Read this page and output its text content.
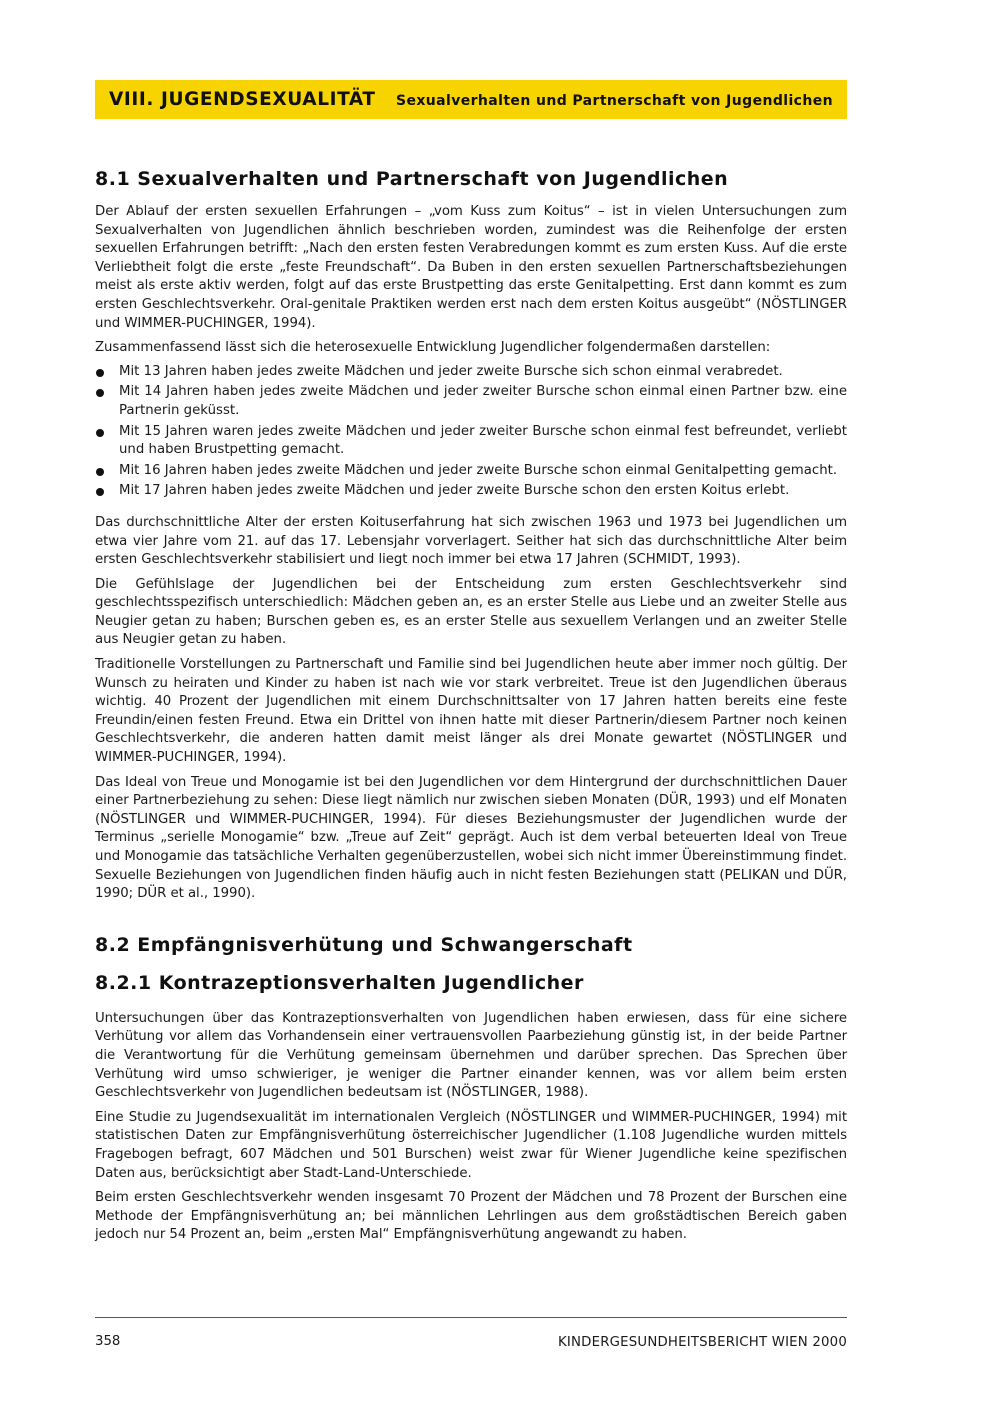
VIII. JUGENDSEXUALITÄT Sexualverhalten und Partnerschaft von Jugendlichen
8.1 Sexualverhalten und Partnerschaft von Jugendlichen

Der Ablauf der ersten sexuellen Erfahrungen – „vom Kuss zum Koitus“ – ist in vielen Untersuchungen zum Sexualverhalten von Jugendlichen ähnlich beschrieben worden, zumindest was die Reihenfolge der ersten sexuellen Erfahrungen betrifft: „Nach den ersten festen Verabredungen kommt es zum ersten Kuss. Auf die erste Verliebtheit folgt die erste „feste Freundschaft“. Da Buben in den ersten sexuellen Partnerschaftsbeziehungen meist als erste aktiv werden, folgt auf das erste Brustpetting das erste Genitalpetting. Erst dann kommt es zum ersten Geschlechtsverkehr. Oral-genitale Praktiken werden erst nach dem ersten Koitus ausgeübt“ (NÖSTLINGER und WIMMER-PUCHINGER, 1994).

Zusammenfassend lässt sich die heterosexuelle Entwicklung Jugendlicher folgendermaßen darstellen:

Mit 13 Jahren haben jedes zweite Mädchen und jeder zweite Bursche sich schon einmal verabredet.
Mit 14 Jahren haben jedes zweite Mädchen und jeder zweiter Bursche schon einmal einen Partner bzw. eine Partnerin geküsst.
Mit 15 Jahren waren jedes zweite Mädchen und jeder zweiter Bursche schon einmal fest befreundet, verliebt und haben Brustpetting gemacht.
Mit 16 Jahren haben jedes zweite Mädchen und jeder zweite Bursche schon einmal Genitalpetting gemacht.
Mit 17 Jahren haben jedes zweite Mädchen und jeder zweite Bursche schon den ersten Koitus erlebt.

Das durchschnittliche Alter der ersten Koituserfahrung hat sich zwischen 1963 und 1973 bei Jugendlichen um etwa vier Jahre vom 21. auf das 17. Lebensjahr vorverlagert. Seither hat sich das durchschnittliche Alter beim ersten Geschlechtsverkehr stabilisiert und liegt noch immer bei etwa 17 Jahren (SCHMIDT, 1993).

Die Gefühlslage der Jugendlichen bei der Entscheidung zum ersten Geschlechtsverkehr sind geschlechtsspezifisch unterschiedlich: Mädchen geben an, es an erster Stelle aus Liebe und an zweiter Stelle aus Neugier getan zu haben; Burschen geben es, es an erster Stelle aus sexuellem Verlangen und an zweiter Stelle aus Neugier getan zu haben.

Traditionelle Vorstellungen zu Partnerschaft und Familie sind bei Jugendlichen heute aber immer noch gültig. Der Wunsch zu heiraten und Kinder zu haben ist nach wie vor stark verbreitet. Treue ist den Jugendlichen überaus wichtig. 40 Prozent der Jugendlichen mit einem Durchschnittsalter von 17 Jahren hatten bereits eine feste Freundin/einen festen Freund. Etwa ein Drittel von ihnen hatte mit dieser Partnerin/diesem Partner noch keinen Geschlechtsverkehr, die anderen hatten damit meist länger als drei Monate gewartet (NÖSTLINGER und WIMMER-PUCHINGER, 1994).

Das Ideal von Treue und Monogamie ist bei den Jugendlichen vor dem Hintergrund der durchschnittlichen Dauer einer Partnerbeziehung zu sehen: Diese liegt nämlich nur zwischen sieben Monaten (DÜR, 1993) und elf Monaten (NÖSTLINGER und WIMMER-PUCHINGER, 1994). Für dieses Beziehungsmuster der Jugendlichen wurde der Terminus „serielle Monogamie“ bzw. „Treue auf Zeit“ geprägt. Auch ist dem verbal beteuerten Ideal von Treue und Monogamie das tatsächliche Verhalten gegenüberzustellen, wobei sich nicht immer Übereinstimmung findet. Sexuelle Beziehungen von Jugendlichen finden häufig auch in nicht festen Beziehungen statt (PELIKAN und DÜR, 1990; DÜR et al., 1990).

8.2 Empfängnisverhütung und Schwangerschaft
8.2.1 Kontrazeptionsverhalten Jugendlicher

Untersuchungen über das Kontrazeptionsverhalten von Jugendlichen haben erwiesen, dass für eine sichere Verhütung vor allem das Vorhandensein einer vertrauensvollen Paarbeziehung günstig ist, in der beide Partner die Verantwortung für die Verhütung gemeinsam übernehmen und darüber sprechen. Das Sprechen über Verhütung wird umso schwieriger, je weniger die Partner einander kennen, was vor allem beim ersten Geschlechtsverkehr von Jugendlichen bedeutsam ist (NÖSTLINGER, 1988).

Eine Studie zu Jugendsexualität im internationalen Vergleich (NÖSTLINGER und WIMMER-PUCHINGER, 1994) mit statistischen Daten zur Empfängnisverhütung österreichischer Jugendlicher (1.108 Jugendliche wurden mittels Fragebogen befragt, 607 Mädchen und 501 Burschen) weist zwar für Wiener Jugendliche keine spezifischen Daten aus, berücksichtigt aber Stadt-Land-Unterschiede.

Beim ersten Geschlechtsverkehr wenden insgesamt 70 Prozent der Mädchen und 78 Prozent der Burschen eine Methode der Empfängnisverhütung an; bei männlichen Lehrlingen aus dem großstädtischen Bereich gaben jedoch nur 54 Prozent an, beim „ersten Mal“ Empfängnisverhütung angewandt zu haben.

358	KINDERGESUNDHEITSBERICHT WIEN 2000
